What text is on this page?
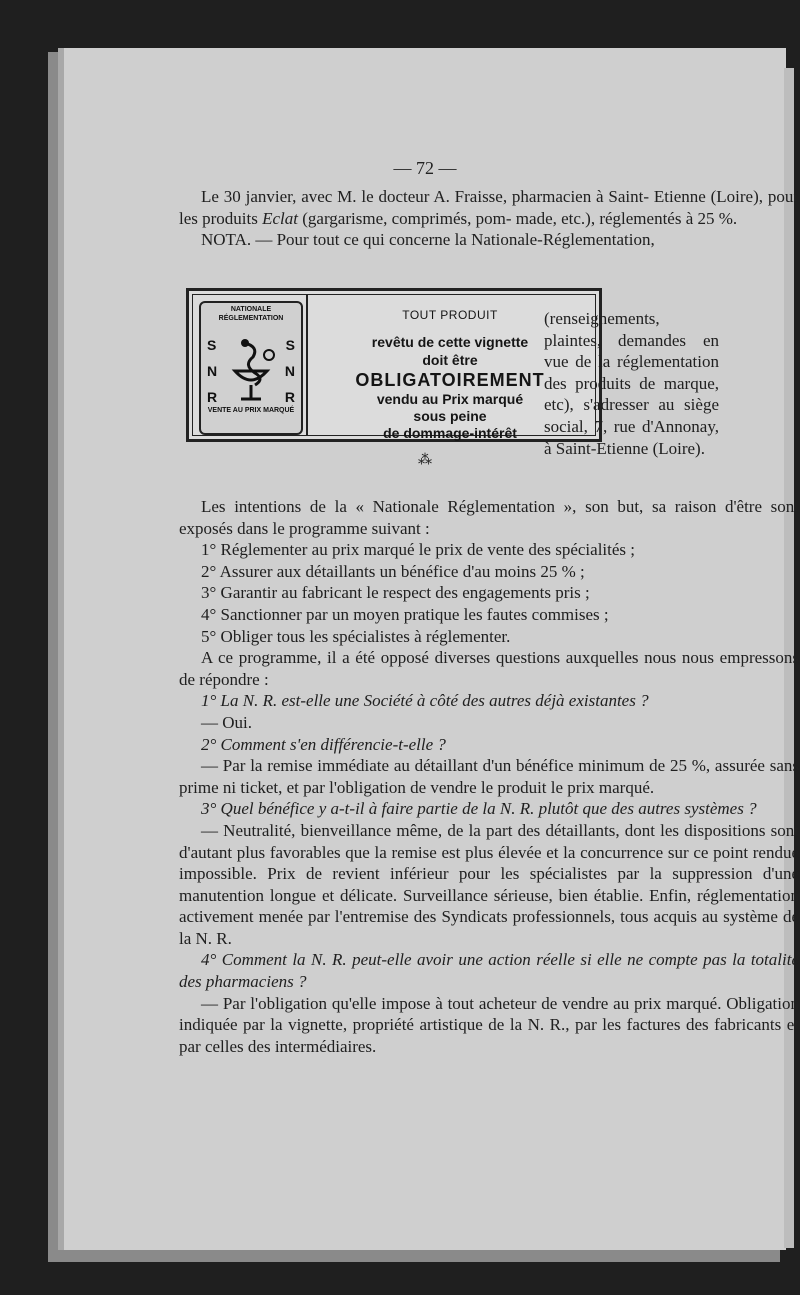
— 72 —

Le 30 janvier, avec M. le docteur A. Fraisse, pharmacien à Saint- Etienne (Loire), pour les produits Eclat (gargarisme, comprimés, pom- made, etc.), réglementés à 25 %.

NOTA. — Pour tout ce qui concerne la Nationale-Réglementation,

NATIONALE RÉGLEMENTATION
S
N
R
S
N
R
VENTE AU PRIX MARQUÉ
TOUT PRODUIT
revêtu de cette vignette
doit être
OBLIGATOIREMENT
vendu au Prix marqué
sous peine
de dommage-intérêt

(renseignements, plaintes, demandes en vue de la réglementation des produits de marque, etc), s'adresser au siège social, 7, rue d'Annonay, à Saint-Etienne (Loire).

⁂

Les intentions de la « Nationale Réglementation », son but, sa raison d'être sont exposés dans le programme suivant :

1° Réglementer au prix marqué le prix de vente des spécialités ;

2° Assurer aux détaillants un bénéfice d'au moins 25 % ;

3° Garantir au fabricant le respect des engagements pris ;

4° Sanctionner par un moyen pratique les fautes commises ;

5° Obliger tous les spécialistes à réglementer.

A ce programme, il a été opposé diverses questions auxquelles nous nous empressons de répondre :

1° La N. R. est-elle une Société à côté des autres déjà existantes ?

— Oui.

2° Comment s'en différencie-t-elle ?

— Par la remise immédiate au détaillant d'un bénéfice minimum de 25 %, assurée sans prime ni ticket, et par l'obligation de vendre le produit le prix marqué.

3° Quel bénéfice y a-t-il à faire partie de la N. R. plutôt que des autres systèmes ?

— Neutralité, bienveillance même, de la part des détaillants, dont les dispositions sont d'autant plus favorables que la remise est plus élevée et la concurrence sur ce point rendue impossible. Prix de revient inférieur pour les spécialistes par la suppression d'une manutention longue et délicate. Surveillance sérieuse, bien établie. Enfin, réglementation activement menée par l'entremise des Syndicats professionnels, tous acquis au système de la N. R.

4° Comment la N. R. peut-elle avoir une action réelle si elle ne compte pas la totalité des pharmaciens ?

— Par l'obligation qu'elle impose à tout acheteur de vendre au prix marqué. Obligation indiquée par la vignette, propriété artistique de la N. R., par les factures des fabricants et par celles des intermédiaires.
